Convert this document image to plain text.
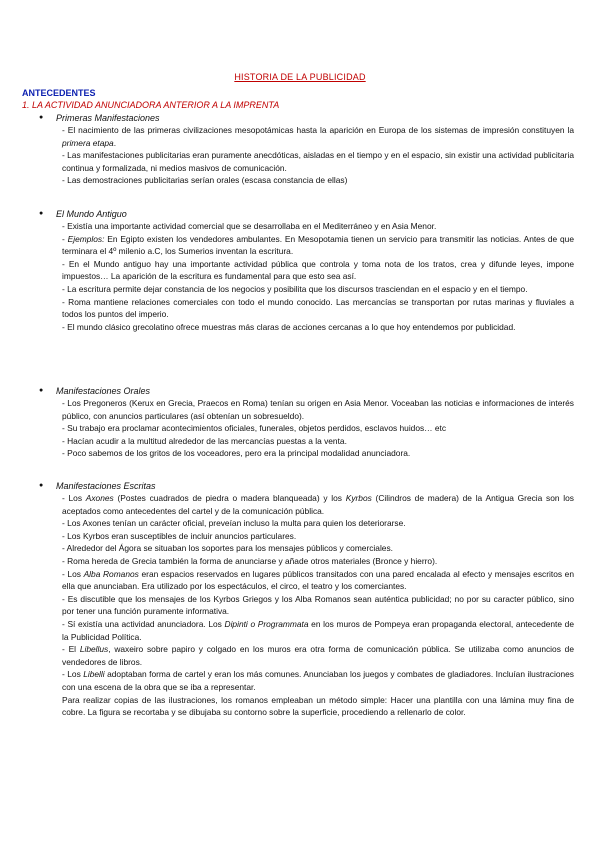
HISTORIA DE LA PUBLICIDAD
ANTECEDENTES
1. LA ACTIVIDAD ANUNCIADORA ANTERIOR A LA IMPRENTA
● Primeras Manifestaciones

- El nacimiento de las primeras civilizaciones mesopotámicas hasta la aparición en Europa de los sistemas de impresión constituyen la primera etapa.

- Las manifestaciones publicitarias eran puramente anecdóticas, aisladas en el tiempo y en el espacio, sin existir una actividad publicitaria continua y formalizada, ni medios masivos de comunicación.

- Las demostraciones publicitarias serían orales (escasa constancia de ellas)

● El Mundo Antiguo

- Existía una importante actividad comercial que se desarrollaba en el Mediterráneo y en Asia Menor.

- Ejemplos: En Egipto existen los vendedores ambulantes. En Mesopotamia tienen un servicio para transmitir las noticias. Antes de que terminara el 4º milenio a.C, los Sumerios inventan la escritura.

- En el Mundo antiguo hay una importante actividad pública que controla y toma nota de los tratos, crea y difunde leyes, impone impuestos… La aparición de la escritura es fundamental para que esto sea así.

- La escritura permite dejar constancia de los negocios y posibilita que los discursos trasciendan en el espacio y en el tiempo.

- Roma mantiene relaciones comerciales con todo el mundo conocido. Las mercancías se transportan por rutas marinas y fluviales a todos los puntos del imperio.

- El mundo clásico grecolatino ofrece muestras más claras de acciones cercanas a lo que hoy entendemos por publicidad.

● Manifestaciones Orales

- Los Pregoneros (Kerux en Grecia, Praecos en Roma) tenían su origen en Asia Menor. Voceaban las noticias e informaciones de interés público, con anuncios particulares (así obtenían un sobresueldo).

- Su trabajo era proclamar acontecimientos oficiales, funerales, objetos perdidos, esclavos huidos… etc

- Hacían acudir a la multitud alrededor de las mercancías puestas a la venta.

- Poco sabemos de los gritos de los voceadores, pero era la principal modalidad anunciadora.

● Manifestaciones Escritas

- Los Axones (Postes cuadrados de piedra o madera blanqueada) y los Kyrbos (Cilindros de madera) de la Antigua Grecia son los aceptados como antecedentes del cartel y de la comunicación pública.

- Los Axones tenían un carácter oficial, preveían incluso la multa para quien los deteriorarse.

- Los Kyrbos eran susceptibles de incluir anuncios particulares.

- Alrededor del Ágora se situaban los soportes para los mensajes públicos y comerciales.

- Roma hereda de Grecia también la forma de anunciarse y añade otros materiales (Bronce y hierro).

- Los Alba Romanos eran espacios reservados en lugares públicos transitados con una pared encalada al efecto y mensajes escritos en ella que anunciaban. Era utilizado por los espectáculos, el circo, el teatro y los comerciantes.

- Es discutible que los mensajes de los Kyrbos Griegos y los Alba Romanos sean auténtica publicidad; no por su caracter público, sino por tener una función puramente informativa.

- Sí existía una actividad anunciadora. Los Dipinti o Programmata en los muros de Pompeya eran propaganda electoral, antecedente de la Publicidad Política.

- El Libellus, waxeiro sobre papiro y colgado en los muros era otra forma de comunicación pública. Se utilizaba como anuncios de vendedores de libros.

- Los Libelli adoptaban forma de cartel y eran los más comunes. Anunciaban los juegos y combates de gladiadores. Incluían ilustraciones con una escena de la obra que se iba a representar.

Para realizar copias de las ilustraciones, los romanos empleaban un método simple: Hacer una plantilla con una lámina muy fina de cobre. La figura se recortaba y se dibujaba su contorno sobre la superficie, procediendo a rellenarlo de color.
